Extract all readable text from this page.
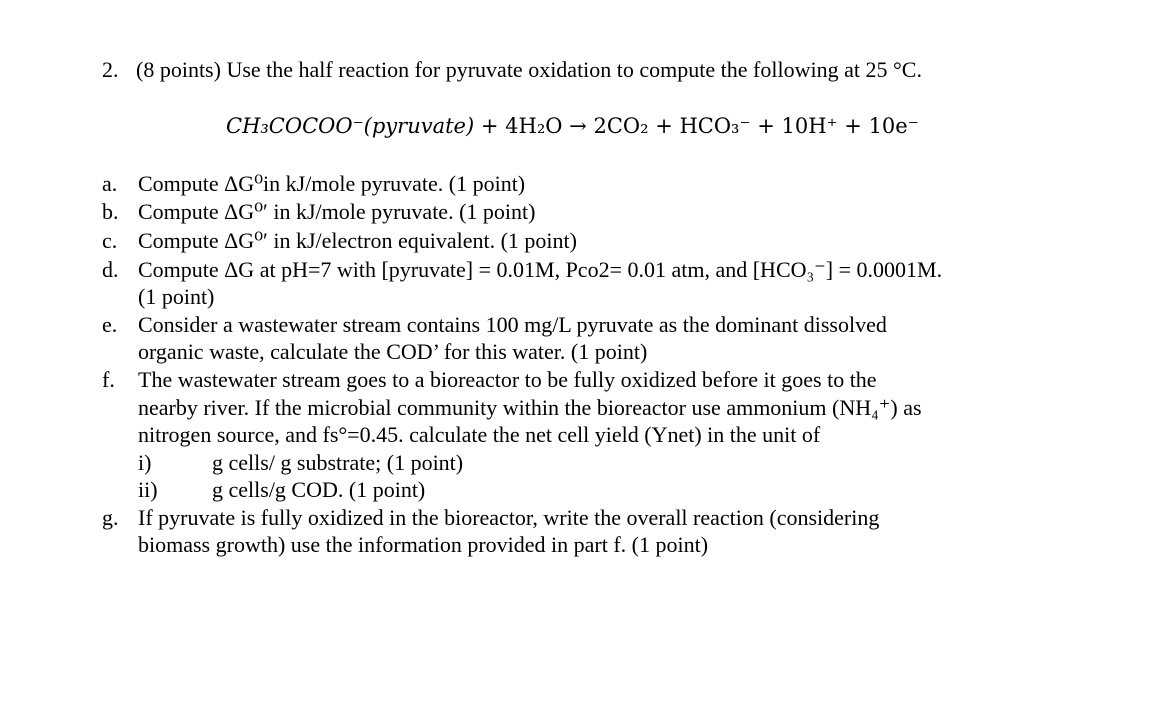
2. (8 points) Use the half reaction for pyruvate oxidation to compute the following at 25 °C.
CH₃COCOO⁻(pyruvate) + 4H₂O → 2CO₂ + HCO₃⁻ + 10H⁺ + 10e⁻
a. Compute ΔG⁰in kJ/mole pyruvate. (1 point)
b. Compute ΔG⁰′ in kJ/mole pyruvate. (1 point)
c. Compute ΔG⁰′ in kJ/electron equivalent. (1 point)
d. Compute ΔG at pH=7 with [pyruvate] = 0.01M, Pco2= 0.01 atm, and [HCO₃⁻] = 0.0001M.
(1 point)
e. Consider a wastewater stream contains 100 mg/L pyruvate as the dominant dissolved
organic waste, calculate the COD’ for this water. (1 point)
f.	The wastewater stream goes to a bioreactor to be fully oxidized before it goes to the
nearby river. If the microbial community within the bioreactor use ammonium (NH₄⁺) as
nitrogen source, and fs°=0.45. calculate the net cell yield (Ynet) in the unit of
i)	g cells/ g substrate; (1 point)
ii) g cells/g COD. (1 point)
g. If pyruvate is fully oxidized in the bioreactor, write the overall reaction (considering
biomass growth) use the information provided in part f. (1 point)
